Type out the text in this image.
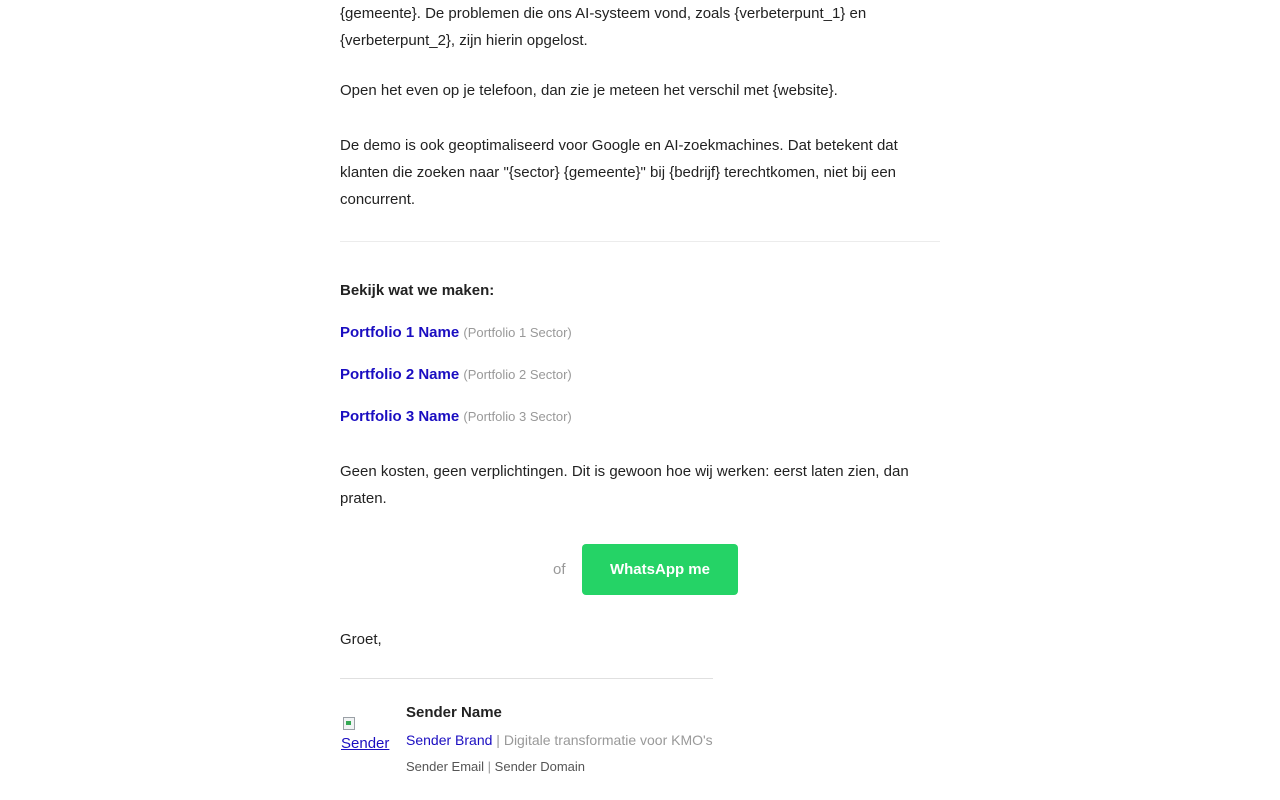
{gemeente}. De problemen die ons AI-systeem vond, zoals {verbeterpunt_1} en {verbeterpunt_2}, zijn hierin opgelost.

Open het even op je telefoon, dan zie je meteen het verschil met {website}.

De demo is ook geoptimaliseerd voor Google en AI-zoekmachines. Dat betekent dat klanten die zoeken naar "{sector} {gemeente}" bij {bedrijf} terechtkomen, niet bij een concurrent.

Bekijk wat we maken:
Portfolio 1 Name (Portfolio 1 Sector)
Portfolio 2 Name (Portfolio 2 Sector)
Portfolio 3 Name (Portfolio 3 Sector)

Geen kosten, geen verplichtingen. Dit is gewoon hoe wij werken: eerst laten zien, dan praten.

of	WhatsApp me
Groet,
Sender
Sender Name
Sender Brand | Digitale transformatie voor KMO's
Sender Email | Sender Domain
